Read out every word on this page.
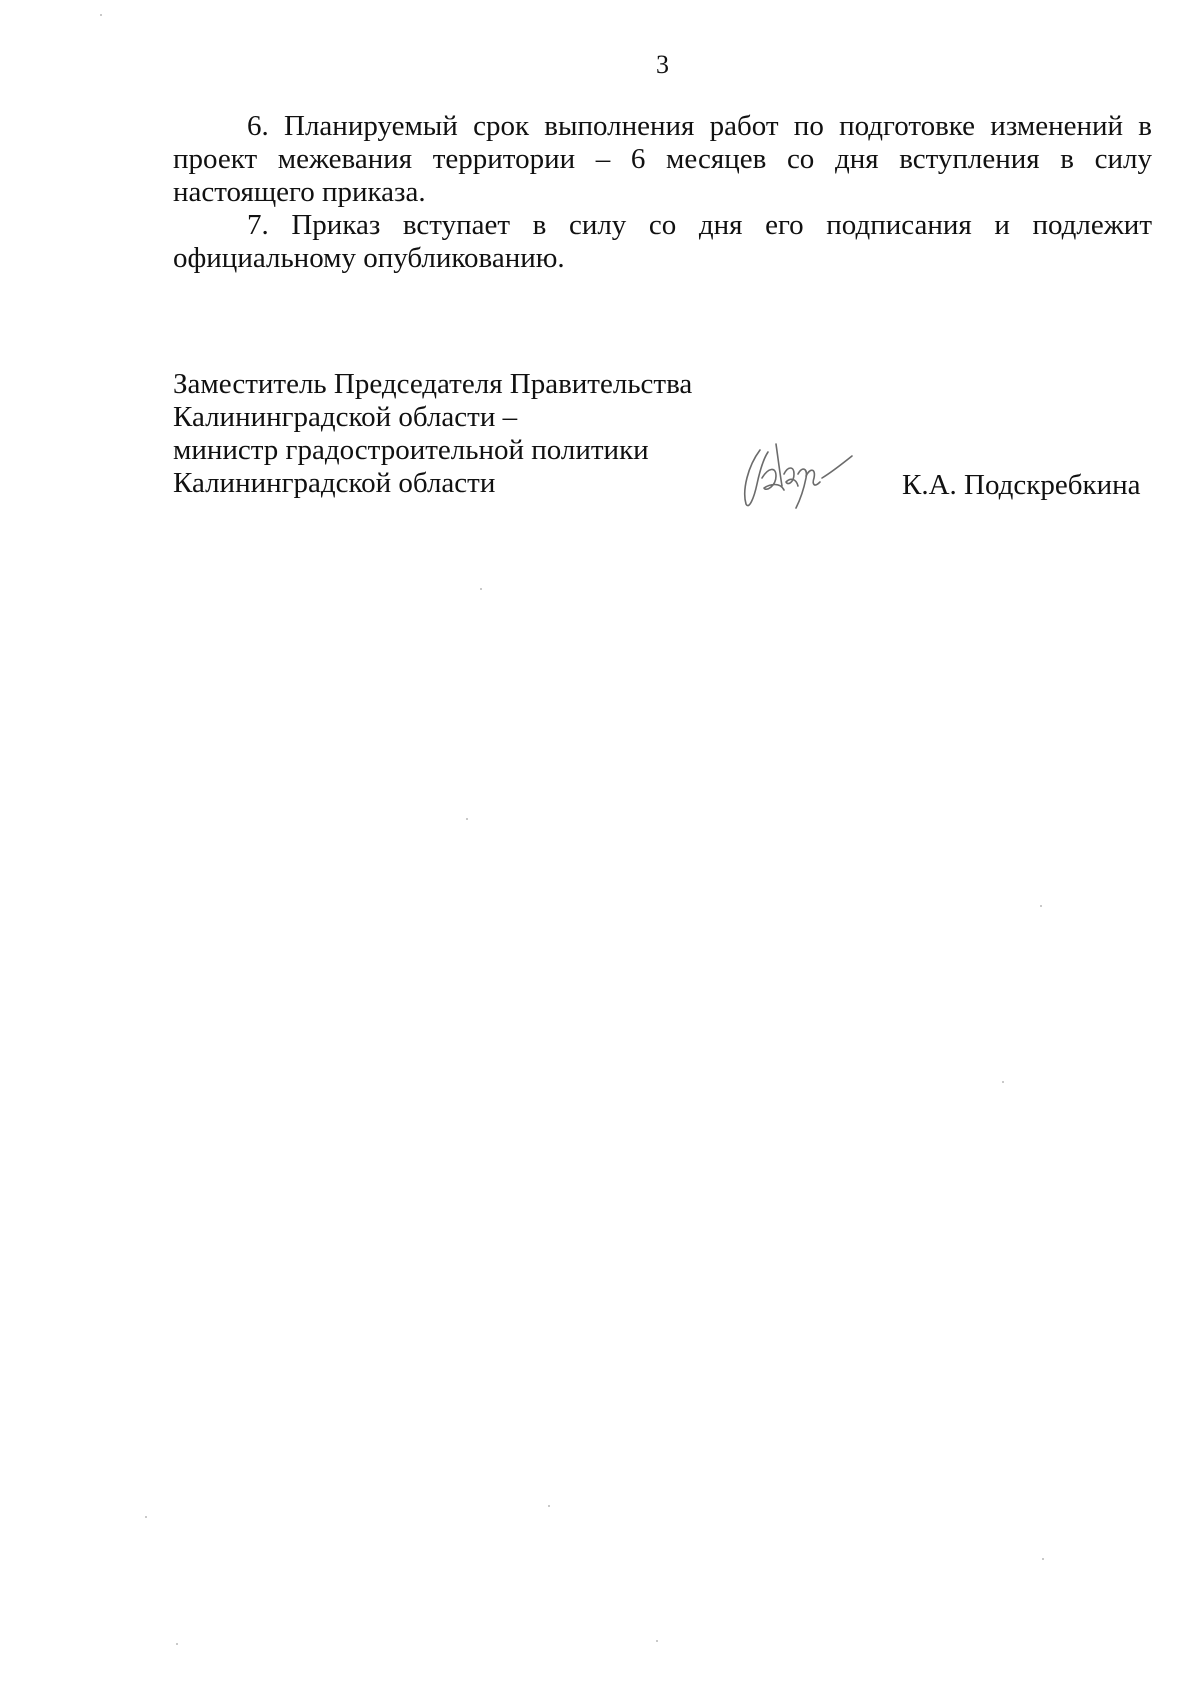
3

6. Планируемый срок выполнения работ по подготовке изменений в проект межевания территории – 6 месяцев со дня вступления в силу настоящего приказа.

7. Приказ вступает в силу со дня его подписания и подлежит официальному опубликованию.

Заместитель Председателя Правительства
Калининградской области –
министр градостроительной политики
Калининградской области	К.А. Подскребкина
